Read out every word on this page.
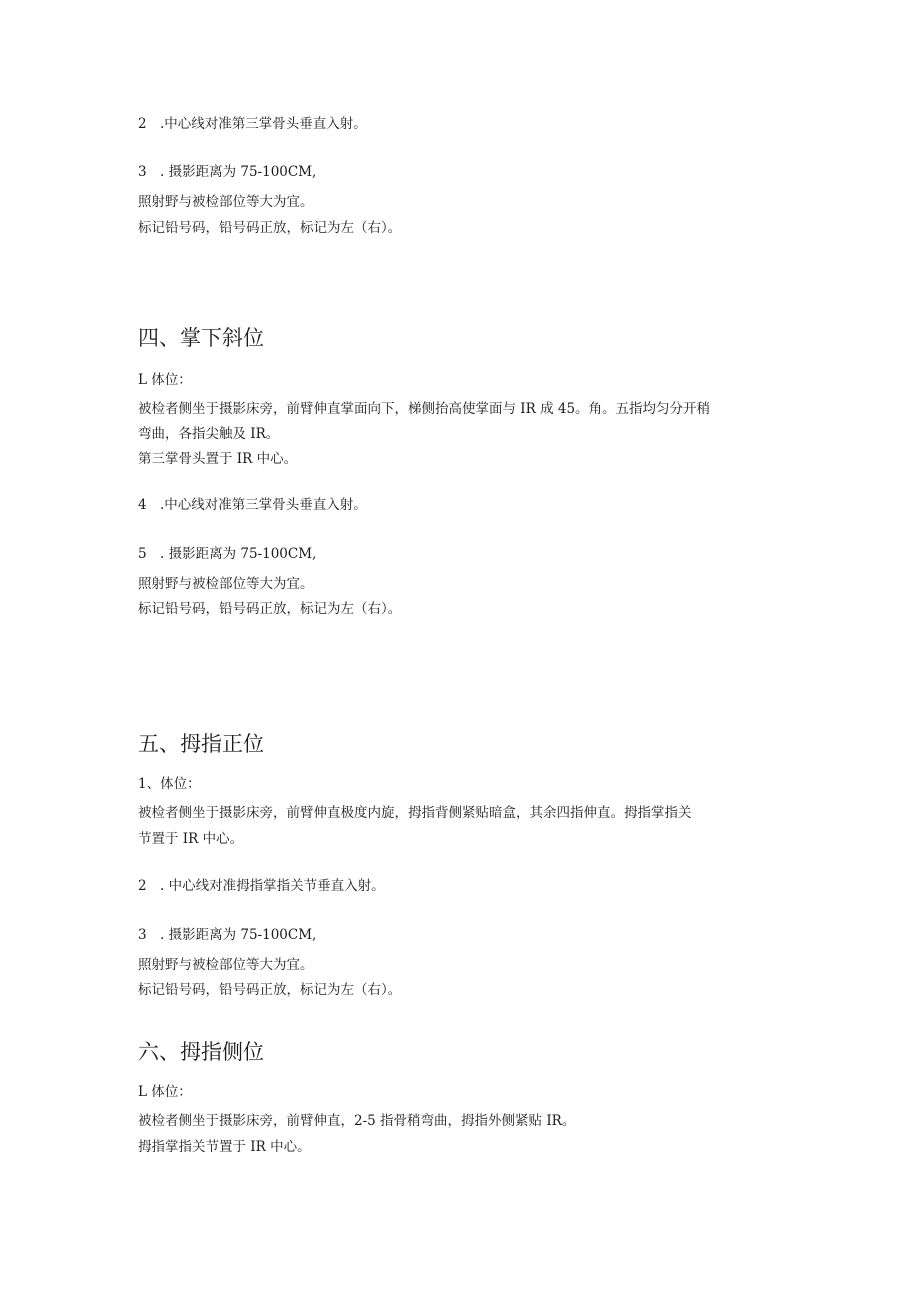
2 .中心线对准第三掌骨头垂直入射。
3 . 摄影距离为 75-100CM,
照射野与被检部位等大为宜。
标记铅号码，铅号码正放，标记为左（右）。
四、掌下斜位
L 体位：
被检者侧坐于摄影床旁，前臂伸直掌面向下，梯侧抬高使掌面与 IR 成 45。角。五指均匀分开稍
弯曲，各指尖触及 IR。
第三掌骨头置于 IR 中心。
4 .中心线对准第三掌骨头垂直入射。
5 . 摄影距离为 75-100CM,
照射野与被检部位等大为宜。
标记铅号码，铅号码正放，标记为左（右）。
五、拇指正位
1、体位：
被检者侧坐于摄影床旁，前臂伸直极度内旋，拇指背侧紧贴暗盒，其余四指伸直。拇指掌指关
节置于 IR 中心。
2 . 中心线对准拇指掌指关节垂直入射。
3 . 摄影距离为 75-100CM,
照射野与被检部位等大为宜。
标记铅号码，铅号码正放，标记为左（右）。
六、拇指侧位
L 体位：
被检者侧坐于摄影床旁，前臂伸直，2-5 指骨稍弯曲，拇指外侧紧贴 IR。
拇指掌指关节置于 IR 中心。
